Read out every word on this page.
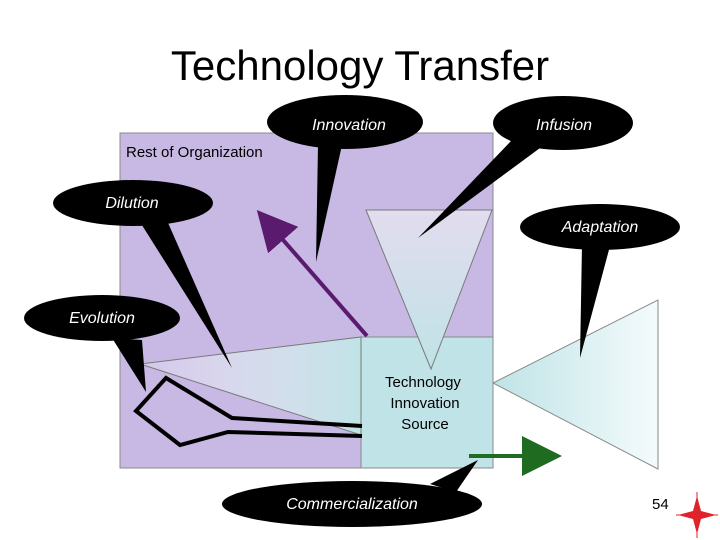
Technology Transfer
Rest of Organization
Technology
Innovation
Source
Innovation	Infusion
Dilution
Adaptation
Evolution
Commercialization	54
